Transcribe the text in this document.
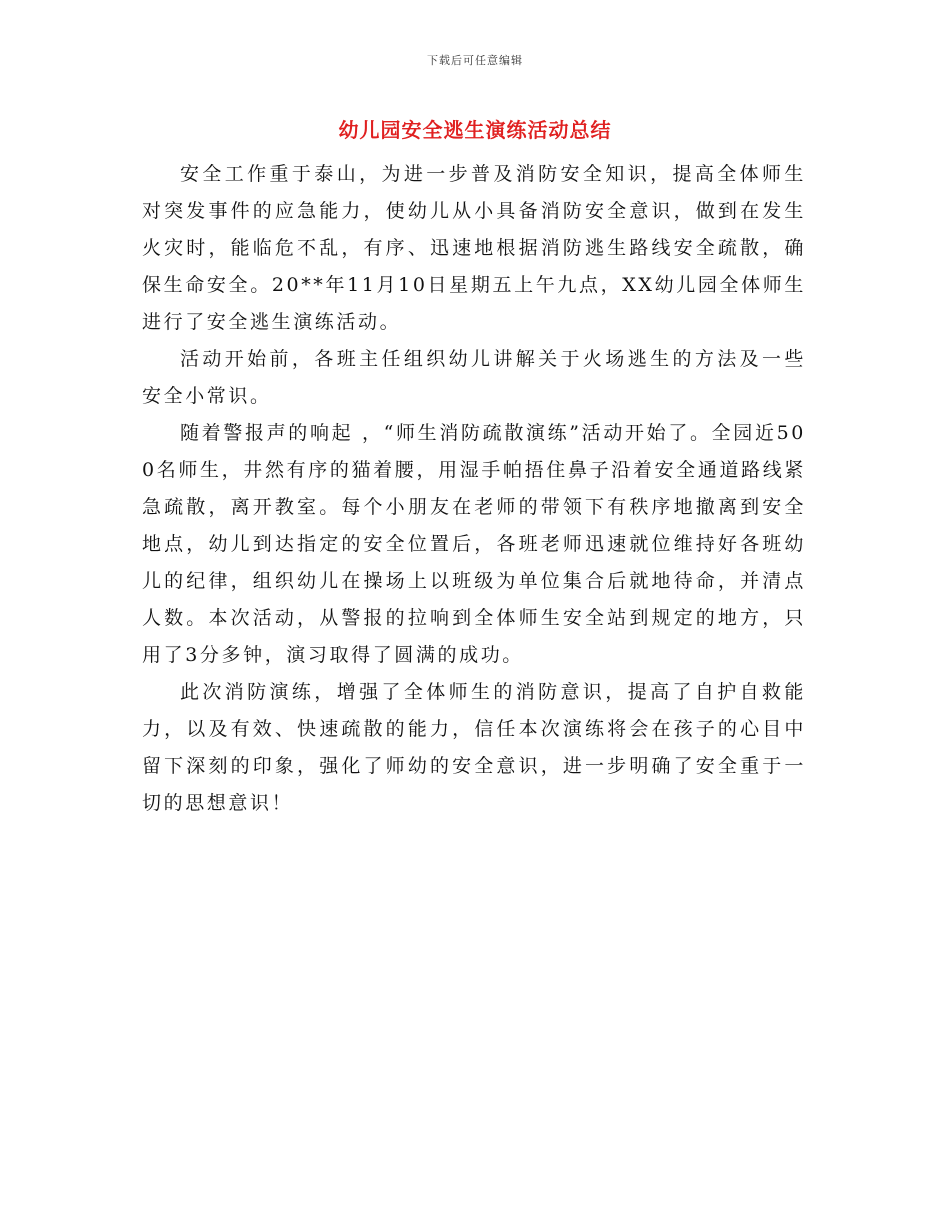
下载后可任意编辑
幼儿园安全逃生演练活动总结

安全工作重于泰山，为进一步普及消防安全知识，提高全体师生对突发事件的应急能力，使幼儿从小具备消防安全意识，做到在发生火灾时，能临危不乱，有序、迅速地根据消防逃生路线安全疏散，确保生命安全。20**年11月10日星期五上午九点，XX幼儿园全体师生进行了安全逃生演练活动。

活动开始前，各班主任组织幼儿讲解关于火场逃生的方法及一些安全小常识。

随着警报声的响起 ，“师生消防疏散演练”活动开始了。全园近500名师生，井然有序的猫着腰，用湿手帕捂住鼻子沿着安全通道路线紧急疏散，离开教室。每个小朋友在老师的带领下有秩序地撤离到安全地点，幼儿到达指定的安全位置后，各班老师迅速就位维持好各班幼儿的纪律，组织幼儿在操场上以班级为单位集合后就地待命，并清点人数。本次活动，从警报的拉响到全体师生安全站到规定的地方，只用了3分多钟，演习取得了圆满的成功。

此次消防演练，增强了全体师生的消防意识，提高了自护自救能力，以及有效、快速疏散的能力，信任本次演练将会在孩子的心目中留下深刻的印象，强化了师幼的安全意识，进一步明确了安全重于一切的思想意识！
